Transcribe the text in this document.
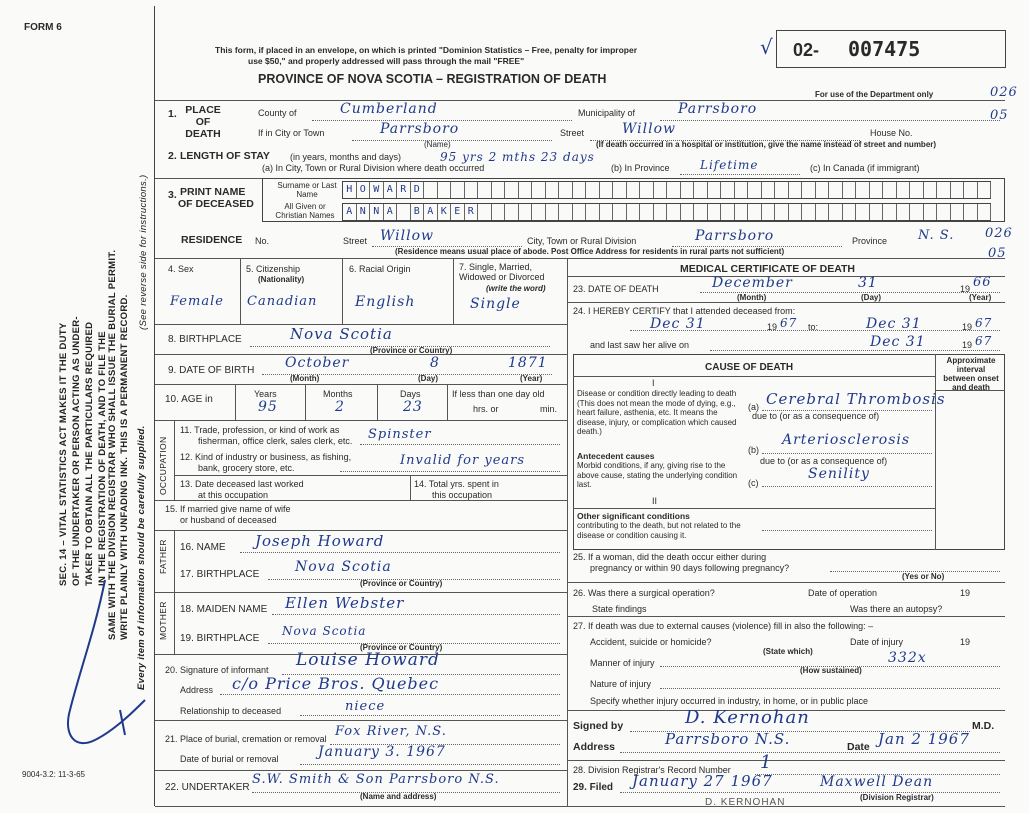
FORM 6
9004-3.2: 11-3-65
SEC. 14 – VITAL STATISTICS ACT MAKES IT THE DUTY OF THE UNDERTAKER OR PERSON ACTING AS UNDER- TAKER TO OBTAIN ALL THE PARTICULARS REQUIRED IN THE REGISTRATION OF DEATH, AND TO FILE THE SAME WITH THE DIVISION REGISTRAR WHO SHALL ISSUE THE BURIAL PERMIT. WRITE PLAINLY WITH UNFADING INK. THIS IS A PERMANENT RECORD.
(See reverse side for instructions.)
Every item of information should be carefully supplied.
This form, if placed in an envelope, on which is printed "Dominion Statistics – Free, penalty for improper
use $50," and properly addressed will pass through the mail "FREE"
PROVINCE OF NOVA SCOTIA – REGISTRATION OF DEATH
02- 007475
√
For use of the Department only	026
05
1. PLACE OF DEATH
County of	Cumberland	Municipality of	Parrsboro
If in City or Town	Parrsboro
(Name)
Street	Willow	House No.
(If death occurred in a hospital or institution, give the name instead of street and number)
2. LENGTH OF STAY (in years, months and days)	95 yrs 2 mths 23 days
(a) In City, Town or Rural Division where death occurred	(b) In Province	Lifetime	(c) In Canada (if immigrant)
3. PRINT NAME
OF DECEASED
Surname or Last Name
All Given or Christian Names
H O W A R D
A N N A	B A K E R
RESIDENCE No.	Street Willow	City, Town or Rural Division	Parrsboro	Province N. S. 026
05
(Residence means usual place of abode. Post Office Address for residents in rural parts not sufficient)
4. Sex
Female
5. Citizenship
(Nationality)
Canadian
6. Racial Origin
English
7. Single, Married, Widowed or Divorced
(write the word)
Single
8. BIRTHPLACE	Nova Scotia
(Province or Country)
9. DATE OF BIRTH October	8	1871
(Month)	(Day)	(Year)
10. AGE in	Years
95
Months
2
Days
23
If less than one day old
hrs. or	min.
OCCUPATION
11. Trade, profession, or kind of work as
fisherman, office clerk, sales clerk, etc. Spinster
12. Kind of industry or business, as fishing,
bank, grocery store, etc.	Invalid for years
13. Date deceased last worked
at this occupation
14. Total yrs. spent in
this occupation
15. If married give name of wife
or husband of deceased
FATHER 16. NAME Joseph Howard
17. BIRTHPLACE	Nova Scotia
(Province or Country)
MOTHER 18. MAIDEN NAME Ellen Webster
19. BIRTHPLACE
Nova Scotia
(Province or Country)
20. Signature of informant Louise Howard
Address c/o Price Bros. Quebec
Relationship to deceased	niece
21. Place of burial, cremation or removal Fox River, N.S.
Date of burial or removal	January 3. 1967
22. UNDERTAKER
S.W. Smith & Son Parrsboro N.S.
(Name and address)
MEDICAL CERTIFICATE OF DEATH
23. DATE OF DEATH	December	31	19 66
(Month)	(Day)	(Year)
24. I HEREBY CERTIFY that I attended deceased from:
Dec 31	19 67 to:	Dec 31	19 67
and last saw her alive on	Dec 31	19 67
CAUSE OF DEATH
Approximate interval between onset and death
I
Disease or condition directly leading to death (This does not mean the mode of dying, e.g., heart failure, asthenia, etc. It means the disease, injury, or complication which caused death.)
(a) Cerebral Thrombosis
due to (or as a consequence of)
Antecedent causes
Morbid conditions, if any, giving rise to the above cause, stating the underlying condition last.
(b)
Arteriosclerosis
due to (or as a consequence of)
(c)
Senility
II
Other significant conditions
contributing to the death, but not related to the disease or condition causing it.
25. If a woman, did the death occur either during
pregnancy or within 90 days following pregnancy?
(Yes or No)
26. Was there a surgical operation?	Date of operation	19
State findings	Was there an autopsy?
27. If death was due to external causes (violence) fill in also the following: –
Accident, suicide or homicide?
(State which)
Date of injury	19
Manner of injury
(How sustained)
332x
Nature of injury
Specify whether injury occurred in industry, in home, or in public place
Signed by	D. Kernohan	M.D.
Address	Parrsboro N.S.	Date Jan 2 1967
28. Division Registrar's Record Number 1
29. Filed January 27 1967	Maxwell Dean
(Division Registrar)
D. KERNOHAN
